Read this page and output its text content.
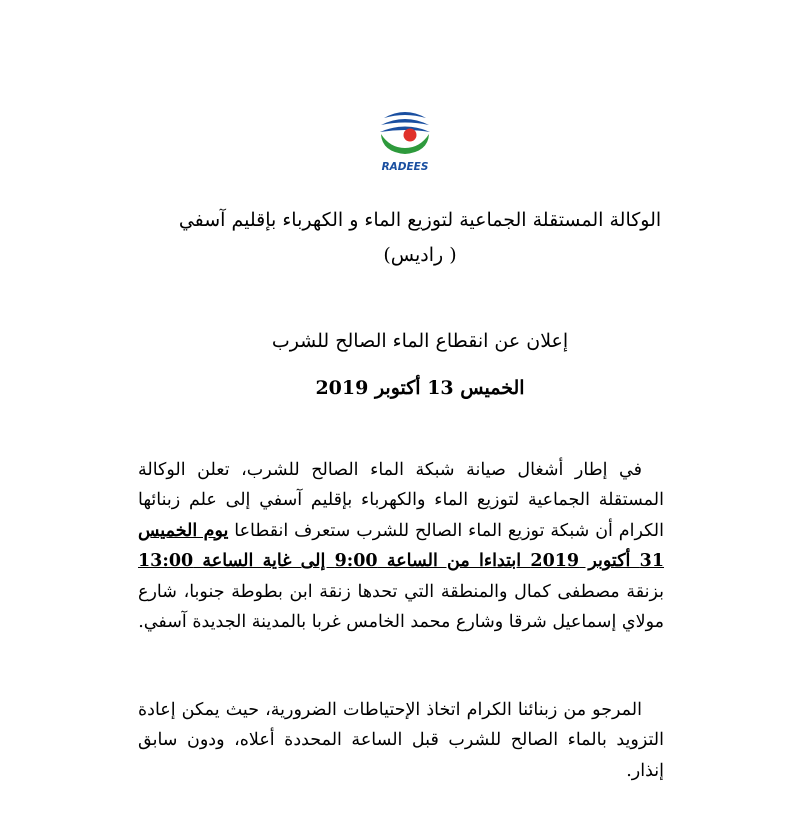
RADEES
الوكالة المستقلة الجماعية لتوزيع الماء و الكهرباء بإقليم آسفي
( راديس)
إعلان عن انقطاع الماء الصالح للشرب
الخميس 13 أكتوبر 2019
في إطار أشغال صيانة شبكة الماء الصالح للشرب، تعلن الوكالة المستقلة الجماعية لتوزيع الماء والكهرباء بإقليم آسفي إلى علم زبنائها الكرام أن شبكة توزيع الماء الصالح للشرب ستعرف انقطاعا يوم الخميس 31 أكتوبر 2019 ابتداءا من الساعة 9:00 إلى غاية الساعة 13:00 بزنقة مصطفى كمال والمنطقة التي تحدها زنقة ابن بطوطة جنوبا، شارع مولاي إسماعيل شرقا وشارع محمد الخامس غربا بالمدينة الجديدة آسفي.
المرجو من زبنائنا الكرام اتخاذ الإحتياطات الضرورية، حيث يمكن إعادة التزويد بالماء الصالح للشرب قبل الساعة المحددة أعلاه، ودون سابق إنذار.
